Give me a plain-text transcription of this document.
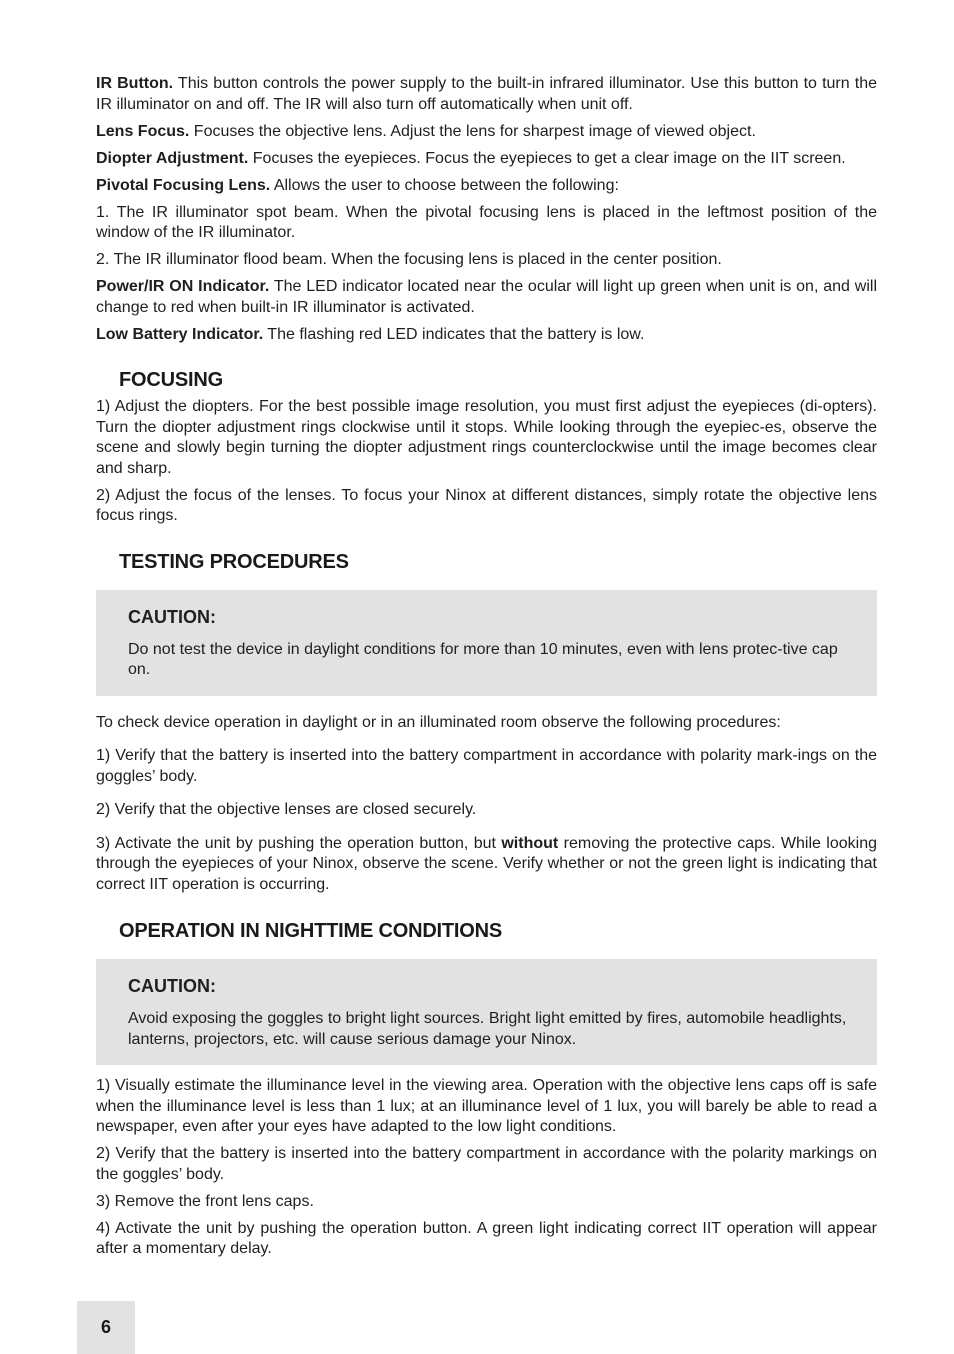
IR Button. This button controls the power supply to the built-in infrared illuminator. Use this button to turn the IR illuminator on and off. The IR will also turn off automatically when unit off.

Lens Focus. Focuses the objective lens. Adjust the lens for sharpest image of viewed object.

Diopter Adjustment. Focuses the eyepieces. Focus the eyepieces to get a clear image on the IIT screen.

Pivotal Focusing Lens. Allows the user to choose between the following:

1. The IR illuminator spot beam. When the pivotal focusing lens is placed in the leftmost position of the window of the IR illuminator.

2. The IR illuminator flood beam. When the focusing lens is placed in the center position.

Power/IR ON Indicator. The LED indicator located near the ocular will light up green when unit is on, and will change to red when built-in IR illuminator is activated.

Low Battery Indicator. The flashing red LED indicates that the battery is low.

FOCUSING

1) Adjust the diopters. For the best possible image resolution, you must first adjust the eyepieces (di-opters). Turn the diopter adjustment rings clockwise until it stops. While looking through the eyepiec-es, observe the scene and slowly begin turning the diopter adjustment rings counterclockwise until the image becomes clear and sharp.

2) Adjust the focus of the lenses. To focus your Ninox at different distances, simply rotate the objective lens focus rings.

TESTING PROCEDURES
CAUTION:

Do not test the device in daylight conditions for more than 10 minutes, even with lens protec-tive cap on.

To check device operation in daylight or in an illuminated room observe the following procedures:

1) Verify that the battery is inserted into the battery compartment in accordance with polarity mark-ings on the goggles’ body.

2) Verify that the objective lenses are closed securely.

3) Activate the unit by pushing the operation button, but without removing the protective caps. While looking through the eyepieces of your Ninox, observe the scene. Verify whether or not the green light is indicating that correct IIT operation is occurring.

OPERATION IN NIGHTTIME CONDITIONS
CAUTION:

Avoid exposing the goggles to bright light sources. Bright light emitted by fires, automobile headlights, lanterns, projectors, etc. will cause serious damage your Ninox.

1) Visually estimate the illuminance level in the viewing area. Operation with the objective lens caps off is safe when the illuminance level is less than 1 lux; at an illuminance level of 1 lux, you will barely be able to read a newspaper, even after your eyes have adapted to the low light conditions.

2) Verify that the battery is inserted into the battery compartment in accordance with the polarity markings on the goggles’ body.

3) Remove the front lens caps.

4) Activate the unit by pushing the operation button. A green light indicating correct IIT operation will appear after a momentary delay.

6
